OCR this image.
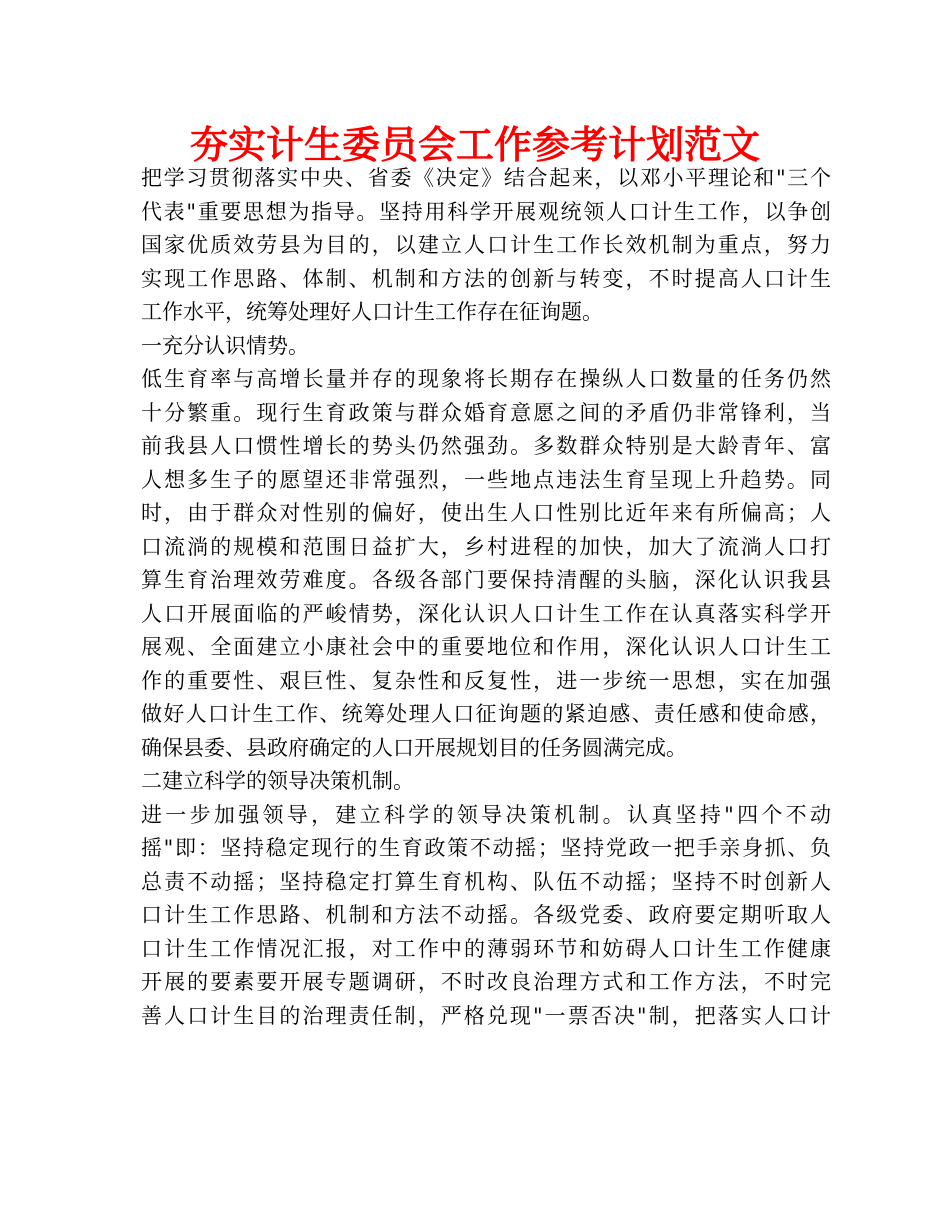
夯实计生委员会工作参考计划范文
把学习贯彻落实中央、省委《决定》结合起来，以邓小平理论和"三个
代表"重要思想为指导。坚持用科学开展观统领人口计生工作，以争创
国家优质效劳县为目的，以建立人口计生工作长效机制为重点，努力
实现工作思路、体制、机制和方法的创新与转变，不时提高人口计生
工作水平，统筹处理好人口计生工作存在征询题。
一充分认识情势。
低生育率与高增长量并存的现象将长期存在操纵人口数量的任务仍然
十分繁重。现行生育政策与群众婚育意愿之间的矛盾仍非常锋利，当
前我县人口惯性增长的势头仍然强劲。多数群众特别是大龄青年、富
人想多生子的愿望还非常强烈，一些地点违法生育呈现上升趋势。同
时，由于群众对性别的偏好，使出生人口性别比近年来有所偏高；人
口流淌的规模和范围日益扩大，乡村进程的加快，加大了流淌人口打
算生育治理效劳难度。各级各部门要保持清醒的头脑，深化认识我县
人口开展面临的严峻情势，深化认识人口计生工作在认真落实科学开
展观、全面建立小康社会中的重要地位和作用，深化认识人口计生工
作的重要性、艰巨性、复杂性和反复性，进一步统一思想，实在加强
做好人口计生工作、统筹处理人口征询题的紧迫感、责任感和使命感，
确保县委、县政府确定的人口开展规划目的任务圆满完成。
二建立科学的领导决策机制。
进一步加强领导，建立科学的领导决策机制。认真坚持"四个不动
摇"即：坚持稳定现行的生育政策不动摇；坚持党政一把手亲身抓、负
总责不动摇；坚持稳定打算生育机构、队伍不动摇；坚持不时创新人
口计生工作思路、机制和方法不动摇。各级党委、政府要定期听取人
口计生工作情况汇报，对工作中的薄弱环节和妨碍人口计生工作健康
开展的要素要开展专题调研，不时改良治理方式和工作方法，不时完
善人口计生目的治理责任制，严格兑现"一票否决"制，把落实人口计
